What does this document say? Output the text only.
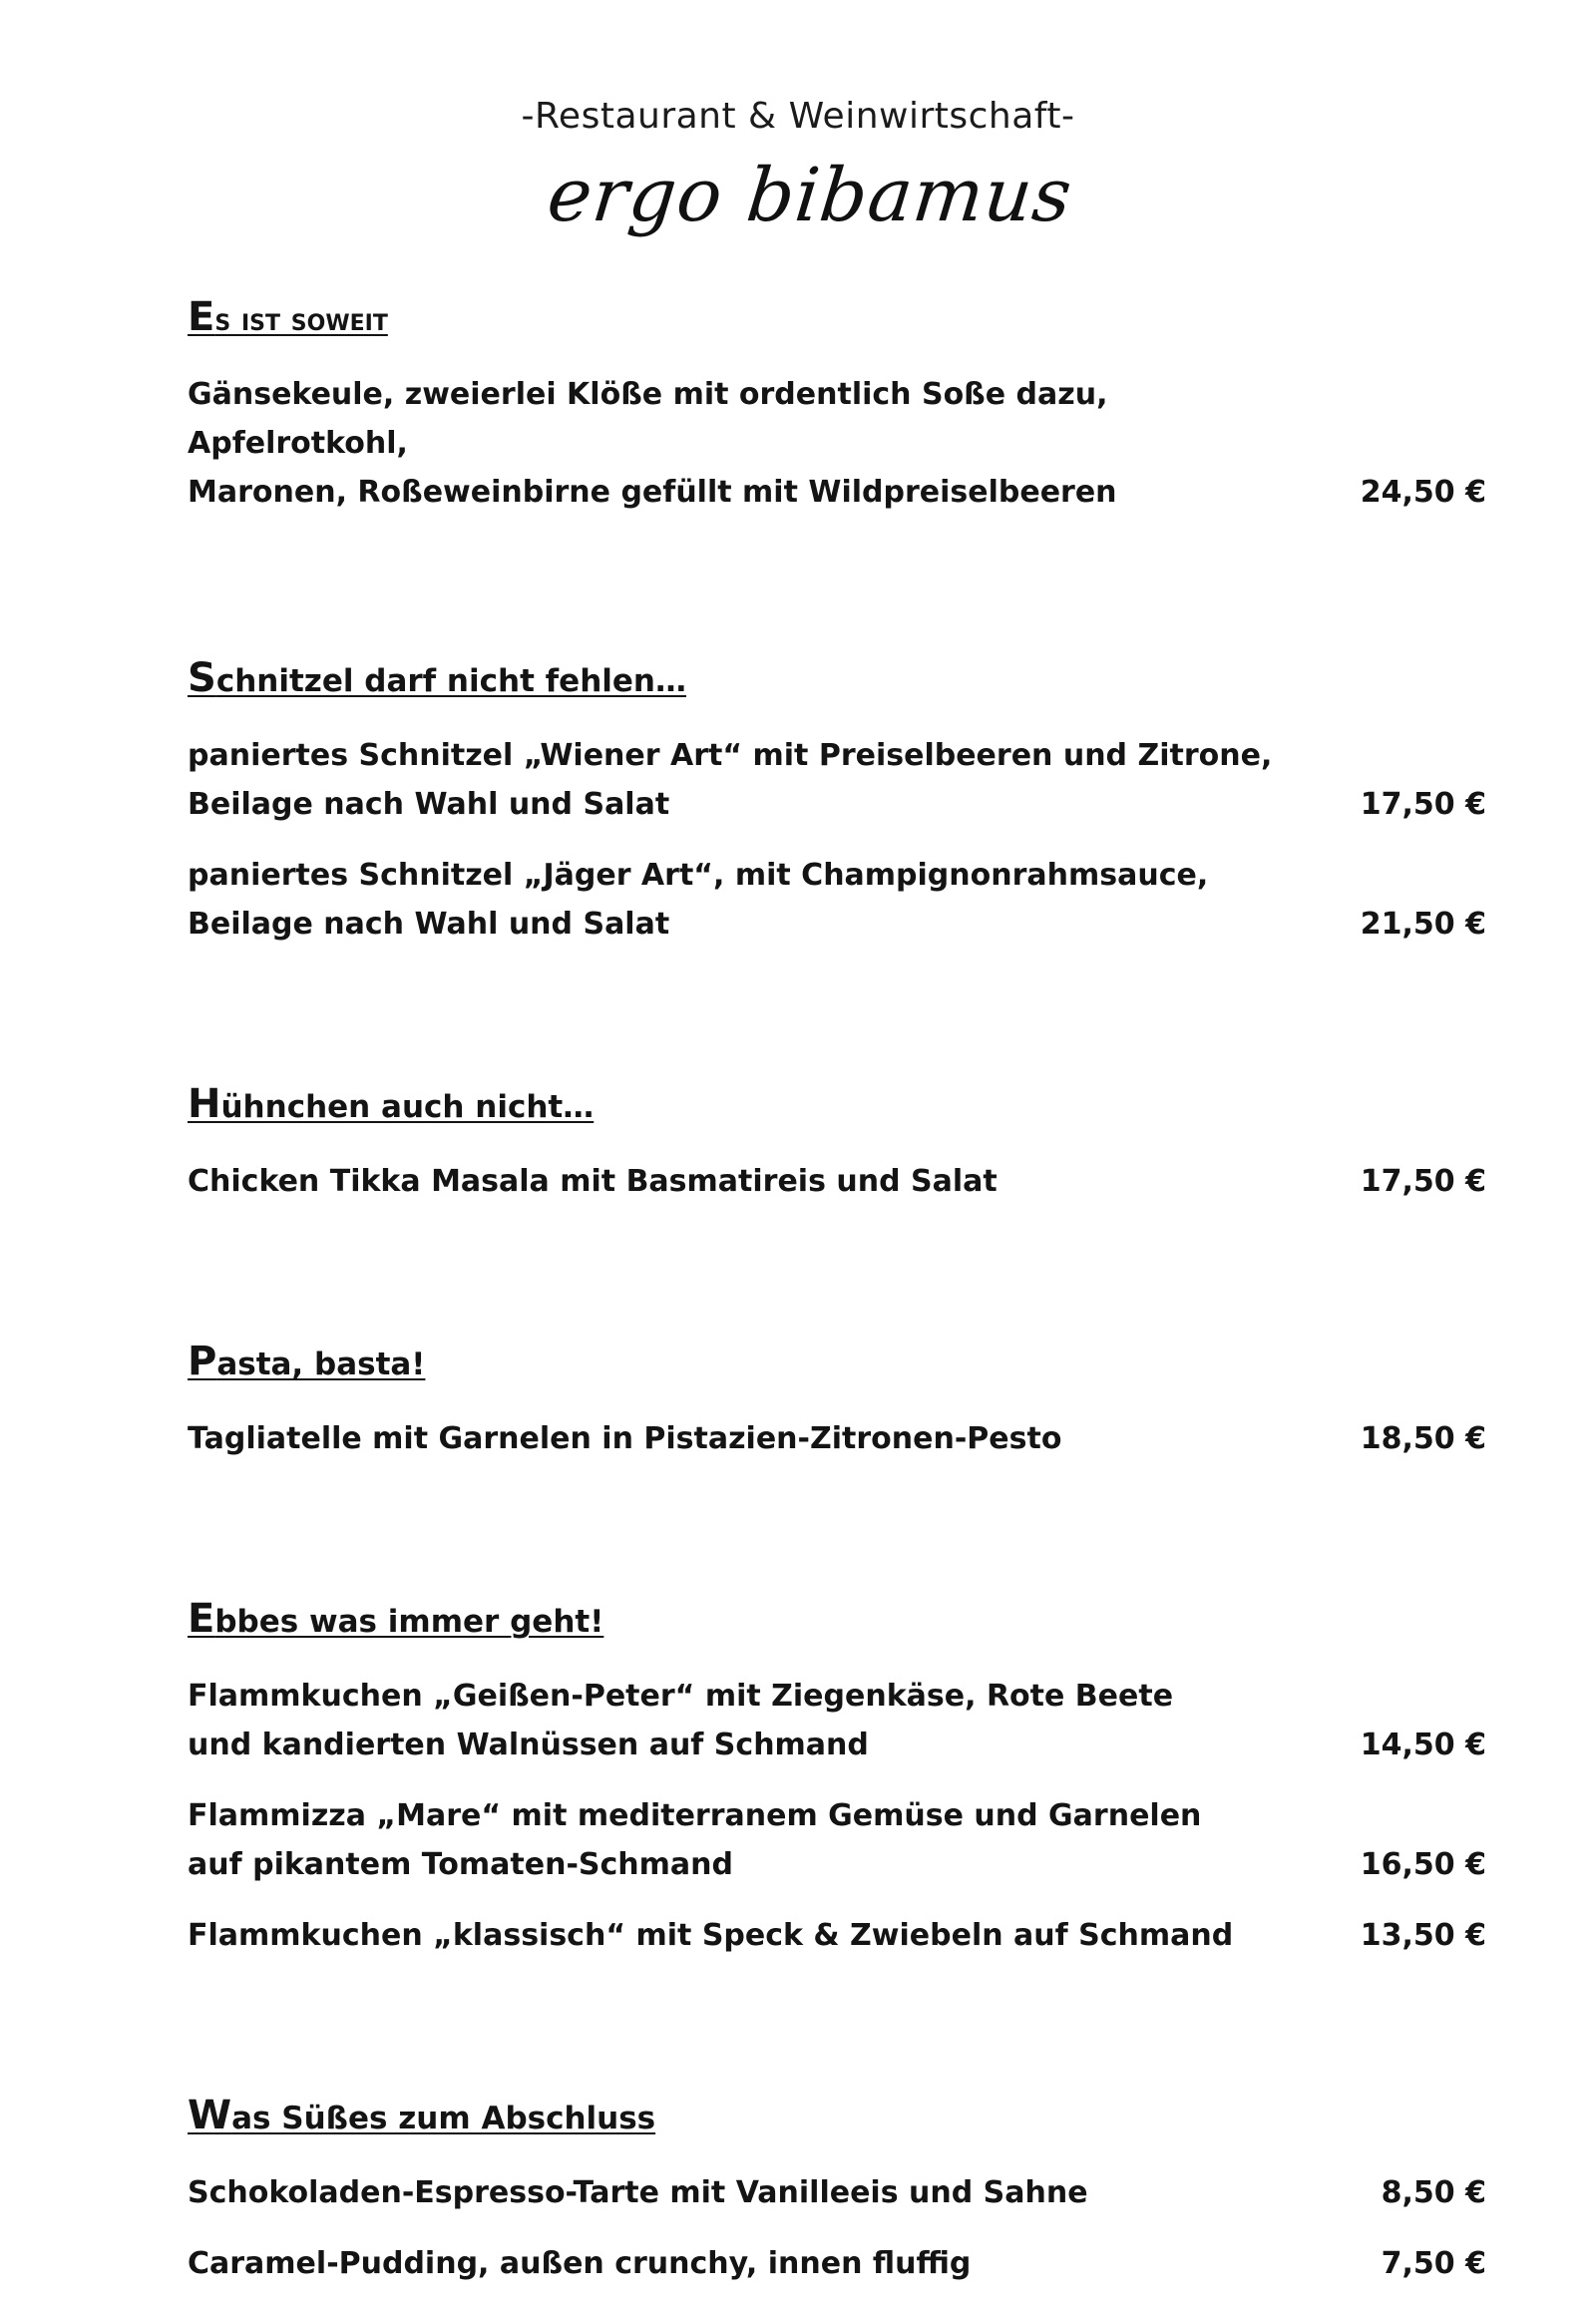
-Restaurant & Weinwirtschaft-
ergo bibamus
Es ist soweit
Gänsekeule, zweierlei Klöße mit ordentlich Soße dazu, Apfelrotkohl,
Maronen, Roßeweinbirne gefüllt mit Wildpreiselbeeren	24,50 €
Schnitzel darf nicht fehlen…
paniertes Schnitzel „Wiener Art“ mit Preiselbeeren und Zitrone,
Beilage nach Wahl und Salat	17,50 €
paniertes Schnitzel „Jäger Art“, mit Champignonrahmsauce,
Beilage nach Wahl und Salat	21,50 €
Hühnchen auch nicht…
Chicken Tikka Masala mit Basmatireis und Salat	17,50 €
Pasta, basta!
Tagliatelle mit Garnelen in Pistazien-Zitronen-Pesto	18,50 €
Ebbes was immer geht!
Flammkuchen „Geißen-Peter“ mit Ziegenkäse, Rote Beete
und kandierten Walnüssen auf Schmand	14,50 €
Flammizza „Mare“ mit mediterranem Gemüse und Garnelen
auf pikantem Tomaten-Schmand	16,50 €
Flammkuchen „klassisch“ mit Speck & Zwiebeln auf Schmand	13,50 €
Was Süßes zum Abschluss
Schokoladen-Espresso-Tarte mit Vanilleeis und Sahne	8,50 €
Caramel-Pudding, außen crunchy, innen fluffig	7,50 €
